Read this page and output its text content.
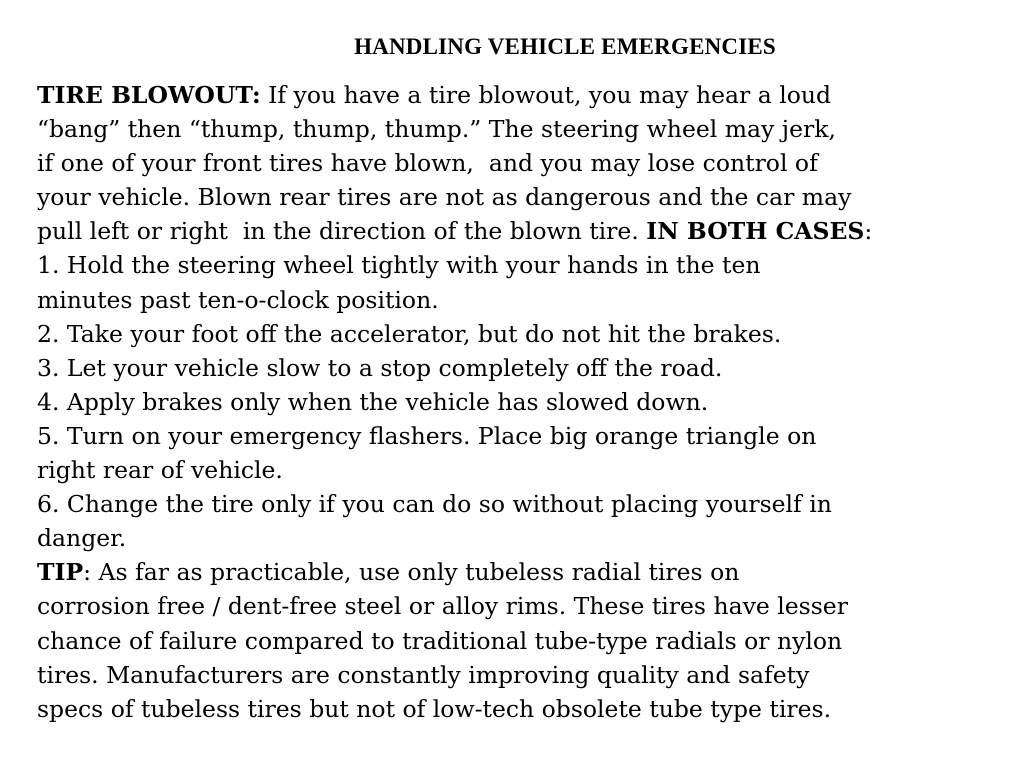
HANDLING VEHICLE EMERGENCIES
TIRE BLOWOUT: If you have a tire blowout, you may hear a loud
“bang” then “thump, thump, thump.” The steering wheel may jerk,
if one of your front tires have blown,  and you may lose control of
your vehicle. Blown rear tires are not as dangerous and the car may
pull left or right  in the direction of the blown tire. IN BOTH CASES:
1. Hold the steering wheel tightly with your hands in the ten
minutes past ten-o-clock position.
2. Take your foot off the accelerator, but do not hit the brakes.
3. Let your vehicle slow to a stop completely off the road.
4. Apply brakes only when the vehicle has slowed down.
5. Turn on your emergency flashers. Place big orange triangle on
right rear of vehicle.
6. Change the tire only if you can do so without placing yourself in
danger.
TIP: As far as practicable, use only tubeless radial tires on
corrosion free / dent-free steel or alloy rims. These tires have lesser
chance of failure compared to traditional tube-type radials or nylon
tires. Manufacturers are constantly improving quality and safety
specs of tubeless tires but not of low-tech obsolete tube type tires.
